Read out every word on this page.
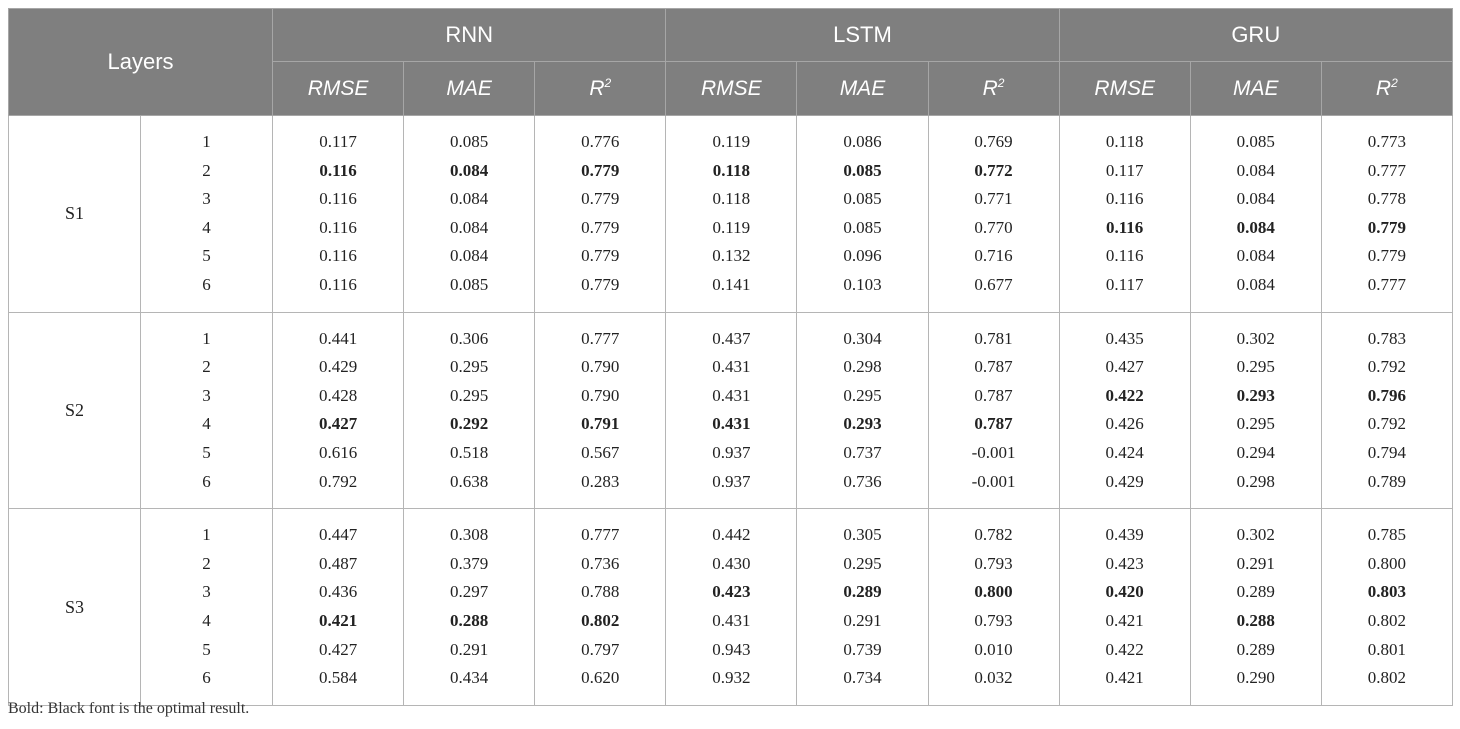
Layers		RNN			LSTM			GRU		
		RMSE	MAE	$R^2$	RMSE	MAE	$R^2$	RMSE	MAE	$R^2$
S1	1	0.117	0.085	0.776	0.119	0.086	0.769	0.118	0.085	0.773
	2	0.116	0.084	0.779	0.118	0.085	0.772	0.117	0.084	0.777
	3	0.116	0.084	0.779	0.118	0.085	0.771	0.116	0.084	0.778
	4	0.116	0.084	0.779	0.119	0.085	0.770	0.116	0.084	0.779
	5	0.116	0.084	0.779	0.132	0.096	0.716	0.116	0.084	0.779
	6	0.116	0.085	0.779	0.141	0.103	0.677	0.117	0.084	0.777
S2	1	0.441	0.306	0.777	0.437	0.304	0.781	0.435	0.302	0.783
	2	0.429	0.295	0.790	0.431	0.298	0.787	0.427	0.295	0.792
	3	0.428	0.295	0.790	0.431	0.295	0.787	0.422	0.293	0.796
	4	0.427	0.292	0.791	0.431	0.293	0.787	0.426	0.295	0.792
	5	0.616	0.518	0.567	0.937	0.737	-0.001	0.424	0.294	0.794
	6	0.792	0.638	0.283	0.937	0.736	-0.001	0.429	0.298	0.789
S3	1	0.447	0.308	0.777	0.442	0.305	0.782	0.439	0.302	0.785
	2	0.487	0.379	0.736	0.430	0.295	0.793	0.423	0.291	0.800
	3	0.436	0.297	0.788	0.423	0.289	0.800	0.420	0.289	0.803
	4	0.421	0.288	0.802	0.431	0.291	0.793	0.421	0.288	0.802
	5	0.427	0.291	0.797	0.943	0.739	0.010	0.422	0.289	0.801
	6	0.584	0.434	0.620	0.932	0.734	0.032	0.421	0.290	0.802
Bold: Black font is the optimal result.
